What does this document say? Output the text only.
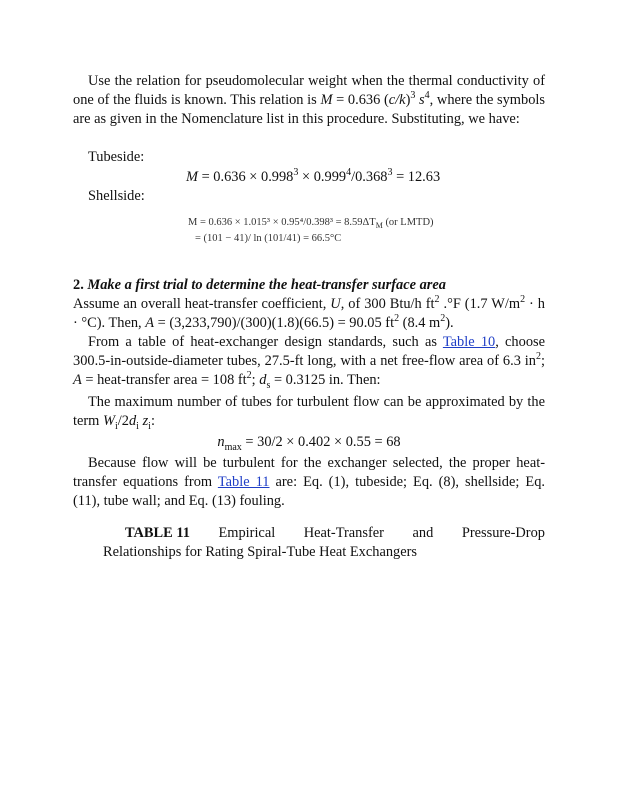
Use the relation for pseudomolecular weight when the thermal conductivity of one of the fluids is known. This relation is M = 0.636 $(c/k)^3$ $s^4$, where the symbols are as given in the Nomenclature list in this procedure. Substituting, we have:

Tubeside:

$M = 0.636 \times 0.998^3 \times 0.999^4/0.368^3 = 12.63$

Shellside:

$M = 0.636 \times 1.015^3 \times 0.95^4/0.398^3 = 8.59\Delta T_M$ (or LMTD)
= (101 − 41)/ ln (101/41) = 66.5°C

2. Make a first trial to determine the heat-transfer surface area

Assume an overall heat-transfer coefficient, U, of 300 Btu/h $ft^2$ .°F (1.7 $W/m^2 \cdot h \cdot ^\circ C$). Then, A = (3,233,790)/(300)(1.8)(66.5) = 90.05 $ft^2$ (8.4 $m^2$).

From a table of heat-exchanger design standards, such as Table 10, choose 300.5-in-outside-diameter tubes, 27.5-ft long, with a net free-flow area of 6.3 $in^2$; A = heat-transfer area = 108 $ft^2$; $d_s = 0.3125$ in. Then:

The maximum number of tubes for turbulent flow can be approximated by the term $W_i/2d_i$ $z_i$:

$n_{max} = 30/2 \times 0.402 \times 0.55 = 68$

Because flow will be turbulent for the exchanger selected, the proper heat-transfer equations from Table 11 are: Eq. (1), tubeside; Eq. (8), shellside; Eq. (11), tube wall; and Eq. (13) fouling.

TABLE 11 Empirical Heat-Transfer and Pressure-Drop
Relationships for Rating Spiral-Tube Heat Exchangers
